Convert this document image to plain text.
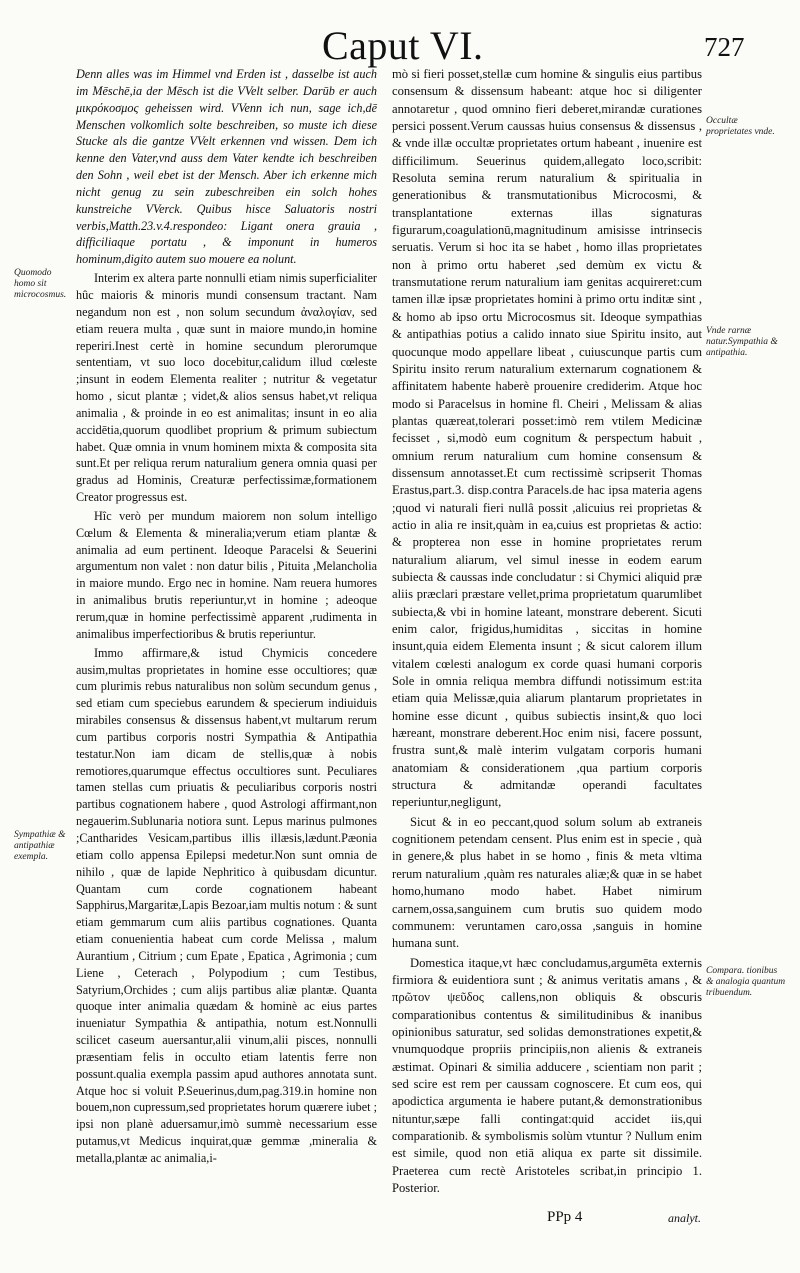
Caput VI.	727

Denn alles was im Himmel vnd Erden ist , dasselbe ist auch im Mēschē,ia der Mēsch ist die VVelt selber. Darūb er auch μικρόκοσμος geheissen wird. VVenn ich nun, sage ich,dē Menschen volkomlich solte beschreiben, so muste ich diese Stucke als die gantze VVelt erkennen vnd wissen. Dem ich kenne den Vater,vnd auss dem Vater kendte ich beschreiben den Sohn , weil ebet ist der Mensch. Aber ich erkenne mich nicht genug zu sein zubeschreiben ein solch hohes kunstreiche VVerck. Quibus hisce Saluatoris nostri verbis,Matth.23.v.4.respondeo: Ligant onera grauia , difficiliaque portatu , & imponunt in humeros hominum,digito autem suo mouere ea nolunt.

Interim ex altera parte nonnulli etiam nimis superficialiter hûc maioris & minoris mundi consensum tractant. Nam negandum non est , non solum secundum ἀναλογίαν, sed etiam reuera multa , quæ sunt in maiore mundo,in homine reperiri.Inest certè in homine secundum plerorumque sententiam, vt suo loco docebitur,calidum illud cœleste ;insunt in eodem Elementa realiter ; nutritur & vegetatur homo , sicut plantæ ; videt,& alios sensus habet,vt reliqua animalia , & proinde in eo est animalitas; insunt in eo alia accidētia,quorum quodlibet proprium & primum subiectum habet. Quæ omnia in vnum hominem mixta & composita sita sunt.Et per reliqua rerum naturalium genera omnia quasi per gradus ad Hominis, Creaturæ perfectissimæ,formationem Creator progressus est.

Hîc verò per mundum maiorem non solum intelligo Cœlum & Elementa & mineralia;verum etiam plantæ & animalia ad eum pertinent. Ideoque Paracelsi & Seuerini argumentum non valet : non datur bilis , Pituita ,Melancholia in maiore mundo. Ergo nec in homine. Nam reuera humores in animalibus brutis reperiuntur,vt in homine ; adeoque rerum,quæ in homine perfectissimè apparent ,rudimenta in animalibus imperfectioribus & brutis reperiuntur.

Immo affirmare,& istud Chymicis concedere ausim,multas proprietates in homine esse occultiores; quæ cum plurimis rebus naturalibus non solùm secundum genus , sed etiam cum speciebus earundem & specierum indiuiduis mirabiles consensus & dissensus habent,vt multarum rerum cum partibus corporis nostri Sympathia & Antipathia testatur.Non iam dicam de stellis,quæ à nobis remotiores,quarumque effectus occultiores sunt. Peculiares tamen stellas cum priuatis & peculiaribus corporis nostri partibus cognationem habere , quod Astrologi affirmant,non negauerim.Sublunaria notiora sunt. Lepus marinus pulmones ;Cantharides Vesicam,partibus illis illæsis,lædunt.Pæonia etiam collo appensa Epilepsi medetur.Non sunt omnia de nihilo , quæ de lapide Nephritico à quibusdam dicuntur. Quantam cum corde cognationem habeant Sapphirus,Margaritæ,Lapis Bezoar,iam multis notum : & sunt etiam gemmarum cum aliis partibus cognationes. Quanta etiam conuenientia habeat cum corde Melissa , malum Aurantium , Citrium ; cum Epate , Epatica , Agrimonia ; cum Liene , Ceterach , Polypodium ; cum Testibus, Satyrium,Orchides ; cum alijs partibus aliæ plantæ. Quanta quoque inter animalia quædam & hominè ac eius partes inueniatur Sympathia & antipathia, notum est.Nonnulli scilicet caseum auersantur,alii vinum,alii pisces, nonnulli præsentiam felis in occulto etiam latentis ferre non possunt.qualia exempla passim apud authores annotata sunt. Atque hoc si voluit P.Seuerinus,dum,pag.319.in homine non bouem,non cupressum,sed proprietates horum quærere iubet ; ipsi non planè aduersamur,imò summè necessarium esse putamus,vt Medicus inquirat,quæ gemmæ ,mineralia & metalla,plantæ ac animalia,i-

mò si fieri posset,stellæ cum homine & singulis eius partibus consensum & dissensum habeant: atque hoc si diligenter annotaretur , quod omnino fieri deberet,mirandæ curationes persici possent.Verum caussas huius consensus & dissensus , & vnde illæ occultæ proprietates ortum habeant , inuenire est difficilimum. Seuerinus quidem,allegato loco,scribit: Resoluta semina rerum naturalium & spiritualia in generationibus & transmutationibus Microcosmi, & transplantatione externas illas signaturas figurarum,coagulationū,magnitudinum amisisse intrinsecis seruatis. Verum si hoc ita se habet , homo illas proprietates non à primo ortu haberet ,sed demùm ex victu & transmutatione rerum naturalium iam genitas acquireret:cum tamen illæ ipsæ proprietates homini à primo ortu inditæ sint , & homo ab ipso ortu Microcosmus sit. Ideoque sympathias & antipathias potius a calido innato siue Spiritu insito, aut quocunque modo appellare libeat , cuiuscunque partis cum Spiritu insito rerum naturalium externarum cognationem & affinitatem habente haberè prouenire crediderim. Atque hoc modo si Paracelsus in homine fl. Cheiri , Melissam & alias plantas quæreat,tolerari posset:imò rem vtilem Medicinæ fecisset , si,modò eum cognitum & perspectum habuit , omnium rerum naturalium cum homine consensum & dissensum annotasset.Et cum rectissimè scripserit Thomas Erastus,part.3. disp.contra Paracels.de hac ipsa materia agens ;quod vi naturali fieri nullâ possit ,alicuius rei proprietas & actio in alia re insit,quàm in ea,cuius est proprietas & actio: & propterea non esse in homine proprietates rerum naturalium aliarum, vel simul inesse in eodem earum subiecta & caussas inde concludatur : si Chymici aliquid præ aliis præclari præstare vellet,prima proprietatum quarumlibet subiecta,& vbi in homine lateant, monstrare deberent. Sicuti enim calor, frigidus,humiditas , siccitas in homine insunt,quia eidem Elementa insunt ; & sicut calorem illum vitalem cœlesti analogum ex corde quasi humani corporis Sole in omnia reliqua membra diffundi notissimum est:ita etiam quia Melissæ,quia aliarum plantarum proprietates in homine esse dicunt , quibus subiectis insint,& quo loci hæreant, monstrare deberent.Hoc enim nisi, facere possunt, frustra sunt,& malè interim vulgatam corporis humani anatomiam & considerationem ,qua partium corporis structura & admitandæ operandi facultates reperiuntur,negligunt,

Sicut & in eo peccant,quod solum solum ab extraneis cognitionem petendam censent. Plus enim est in specie , quà in genere,& plus habet in se homo , finis & meta vltima rerum naturalium ,quàm res naturales aliæ;& quæ in se habet homo,humano modo habet. Habet nimirum carnem,ossa,sanguinem cum brutis suo quidem modo communem: veruntamen caro,ossa ,sanguis in homine humana sunt.

Domestica itaque,vt hæc concludamus,argumēta externis firmiora & euidentiora sunt ; & animus veritatis amans , & πρῶτον ψεῦδος callens,non obliquis & obscuris comparationibus contentus & similitudinibus & inanibus opinionibus saturatur, sed solidas demonstrationes expetit,& vnumquodque propriis principiis,non alienis & extraneis æstimat. Opinari & similia adducere , scientiam non parit ; sed scire est rem per caussam cognoscere. Et cum eos, qui apodictica argumenta ie habere putant,& demonstrationibus nituntur,sæpe falli contingat:quid accidet iis,qui comparationib. & symbolismis solùm vtuntur ? Nullum enim est simile, quod non etiā aliqua ex parte sit dissimile. Praeterea cum rectè Aristoteles scribat,in principio 1. Posterior.

Quomodo homo sit microcosmus.
Sympathiæ & antipathiæ exempla.
Occultæ proprietates vnde.
Vnde rarnæ natur.Sympathia & antipathia.
Compara. tionibus & analogia quantum tribuendum.
PPp 4	analyt.
